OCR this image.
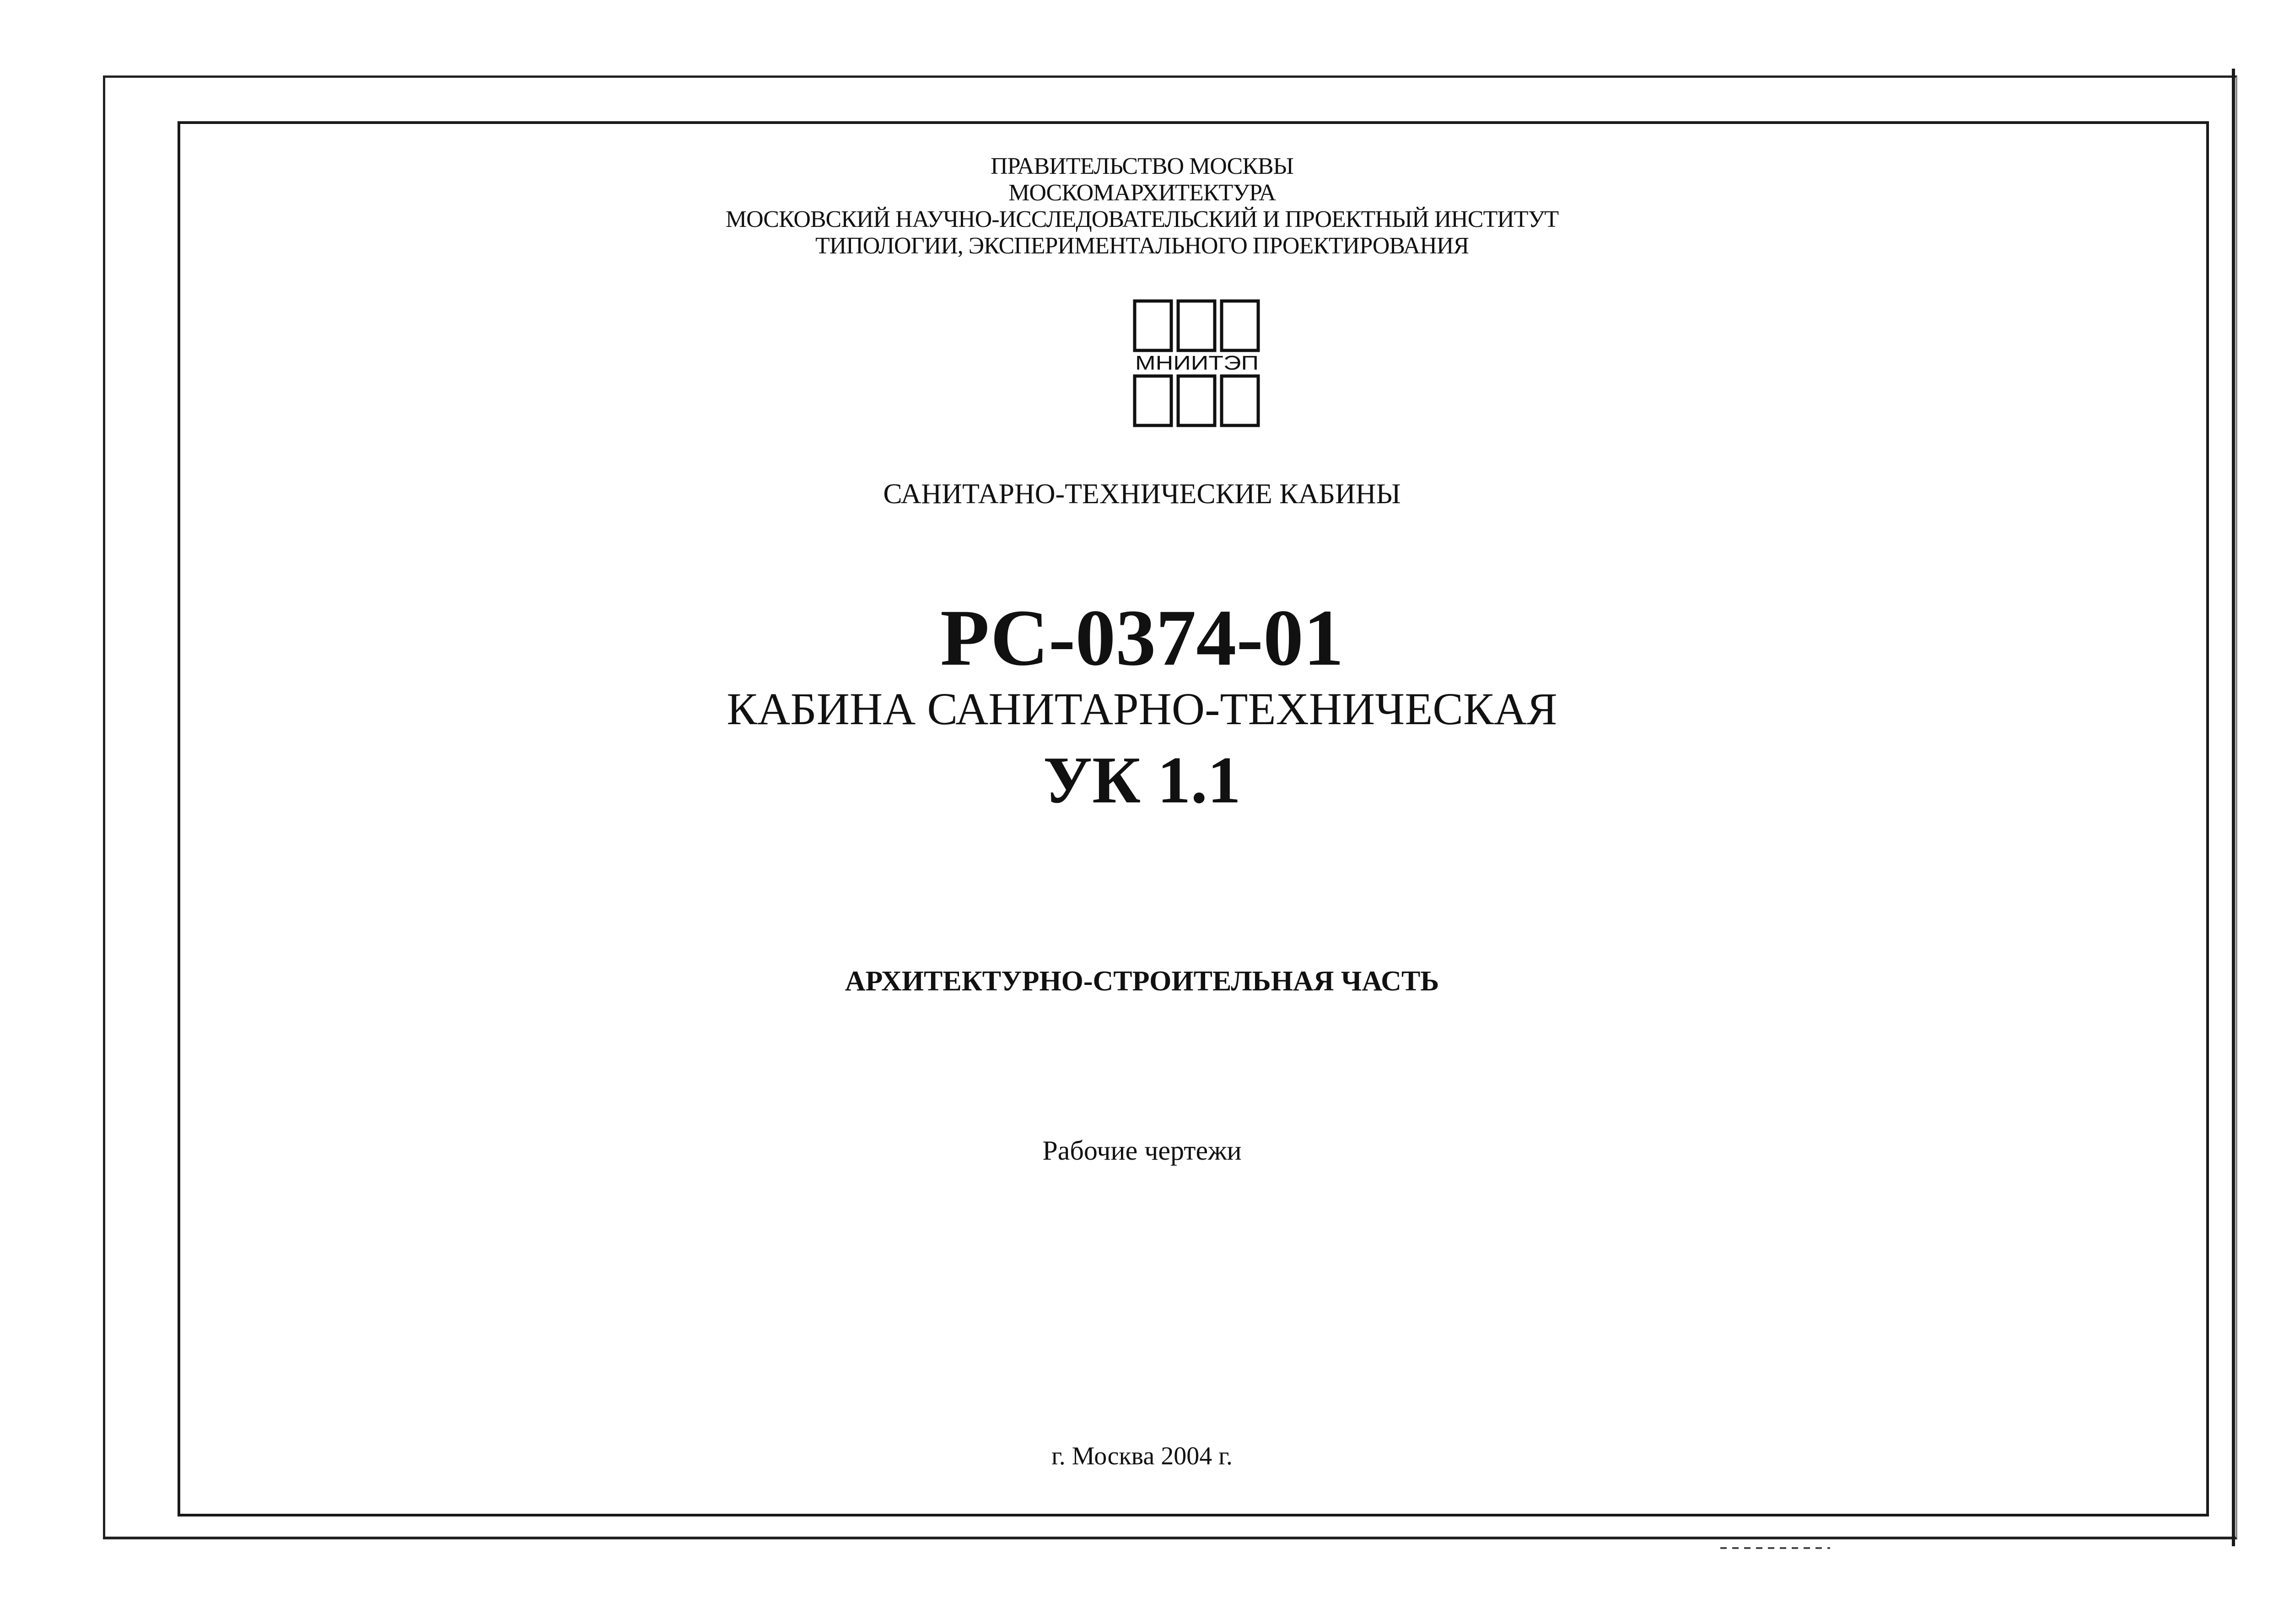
ПРАВИТЕЛЬСТВО МОСКВЫ
МОСКОМАРХИТЕКТУРА
МОСКОВСКИЙ НАУЧНО-ИССЛЕДОВАТЕЛЬСКИЙ И ПРОЕКТНЫЙ ИНСТИТУТ
ТИПОЛОГИИ, ЭКСПЕРИМЕНТАЛЬНОГО ПРОЕКТИРОВАНИЯ
МНИИТЭП
САНИТАРНО-ТЕХНИЧЕСКИЕ КАБИНЫ
РС-0374-01
КАБИНА САНИТАРНО-ТЕХНИЧЕСКАЯ
УК 1.1
АРХИТЕКТУРНО-СТРОИТЕЛЬНАЯ ЧАСТЬ
Рабочие чертежи
г. Москва 2004 г.
